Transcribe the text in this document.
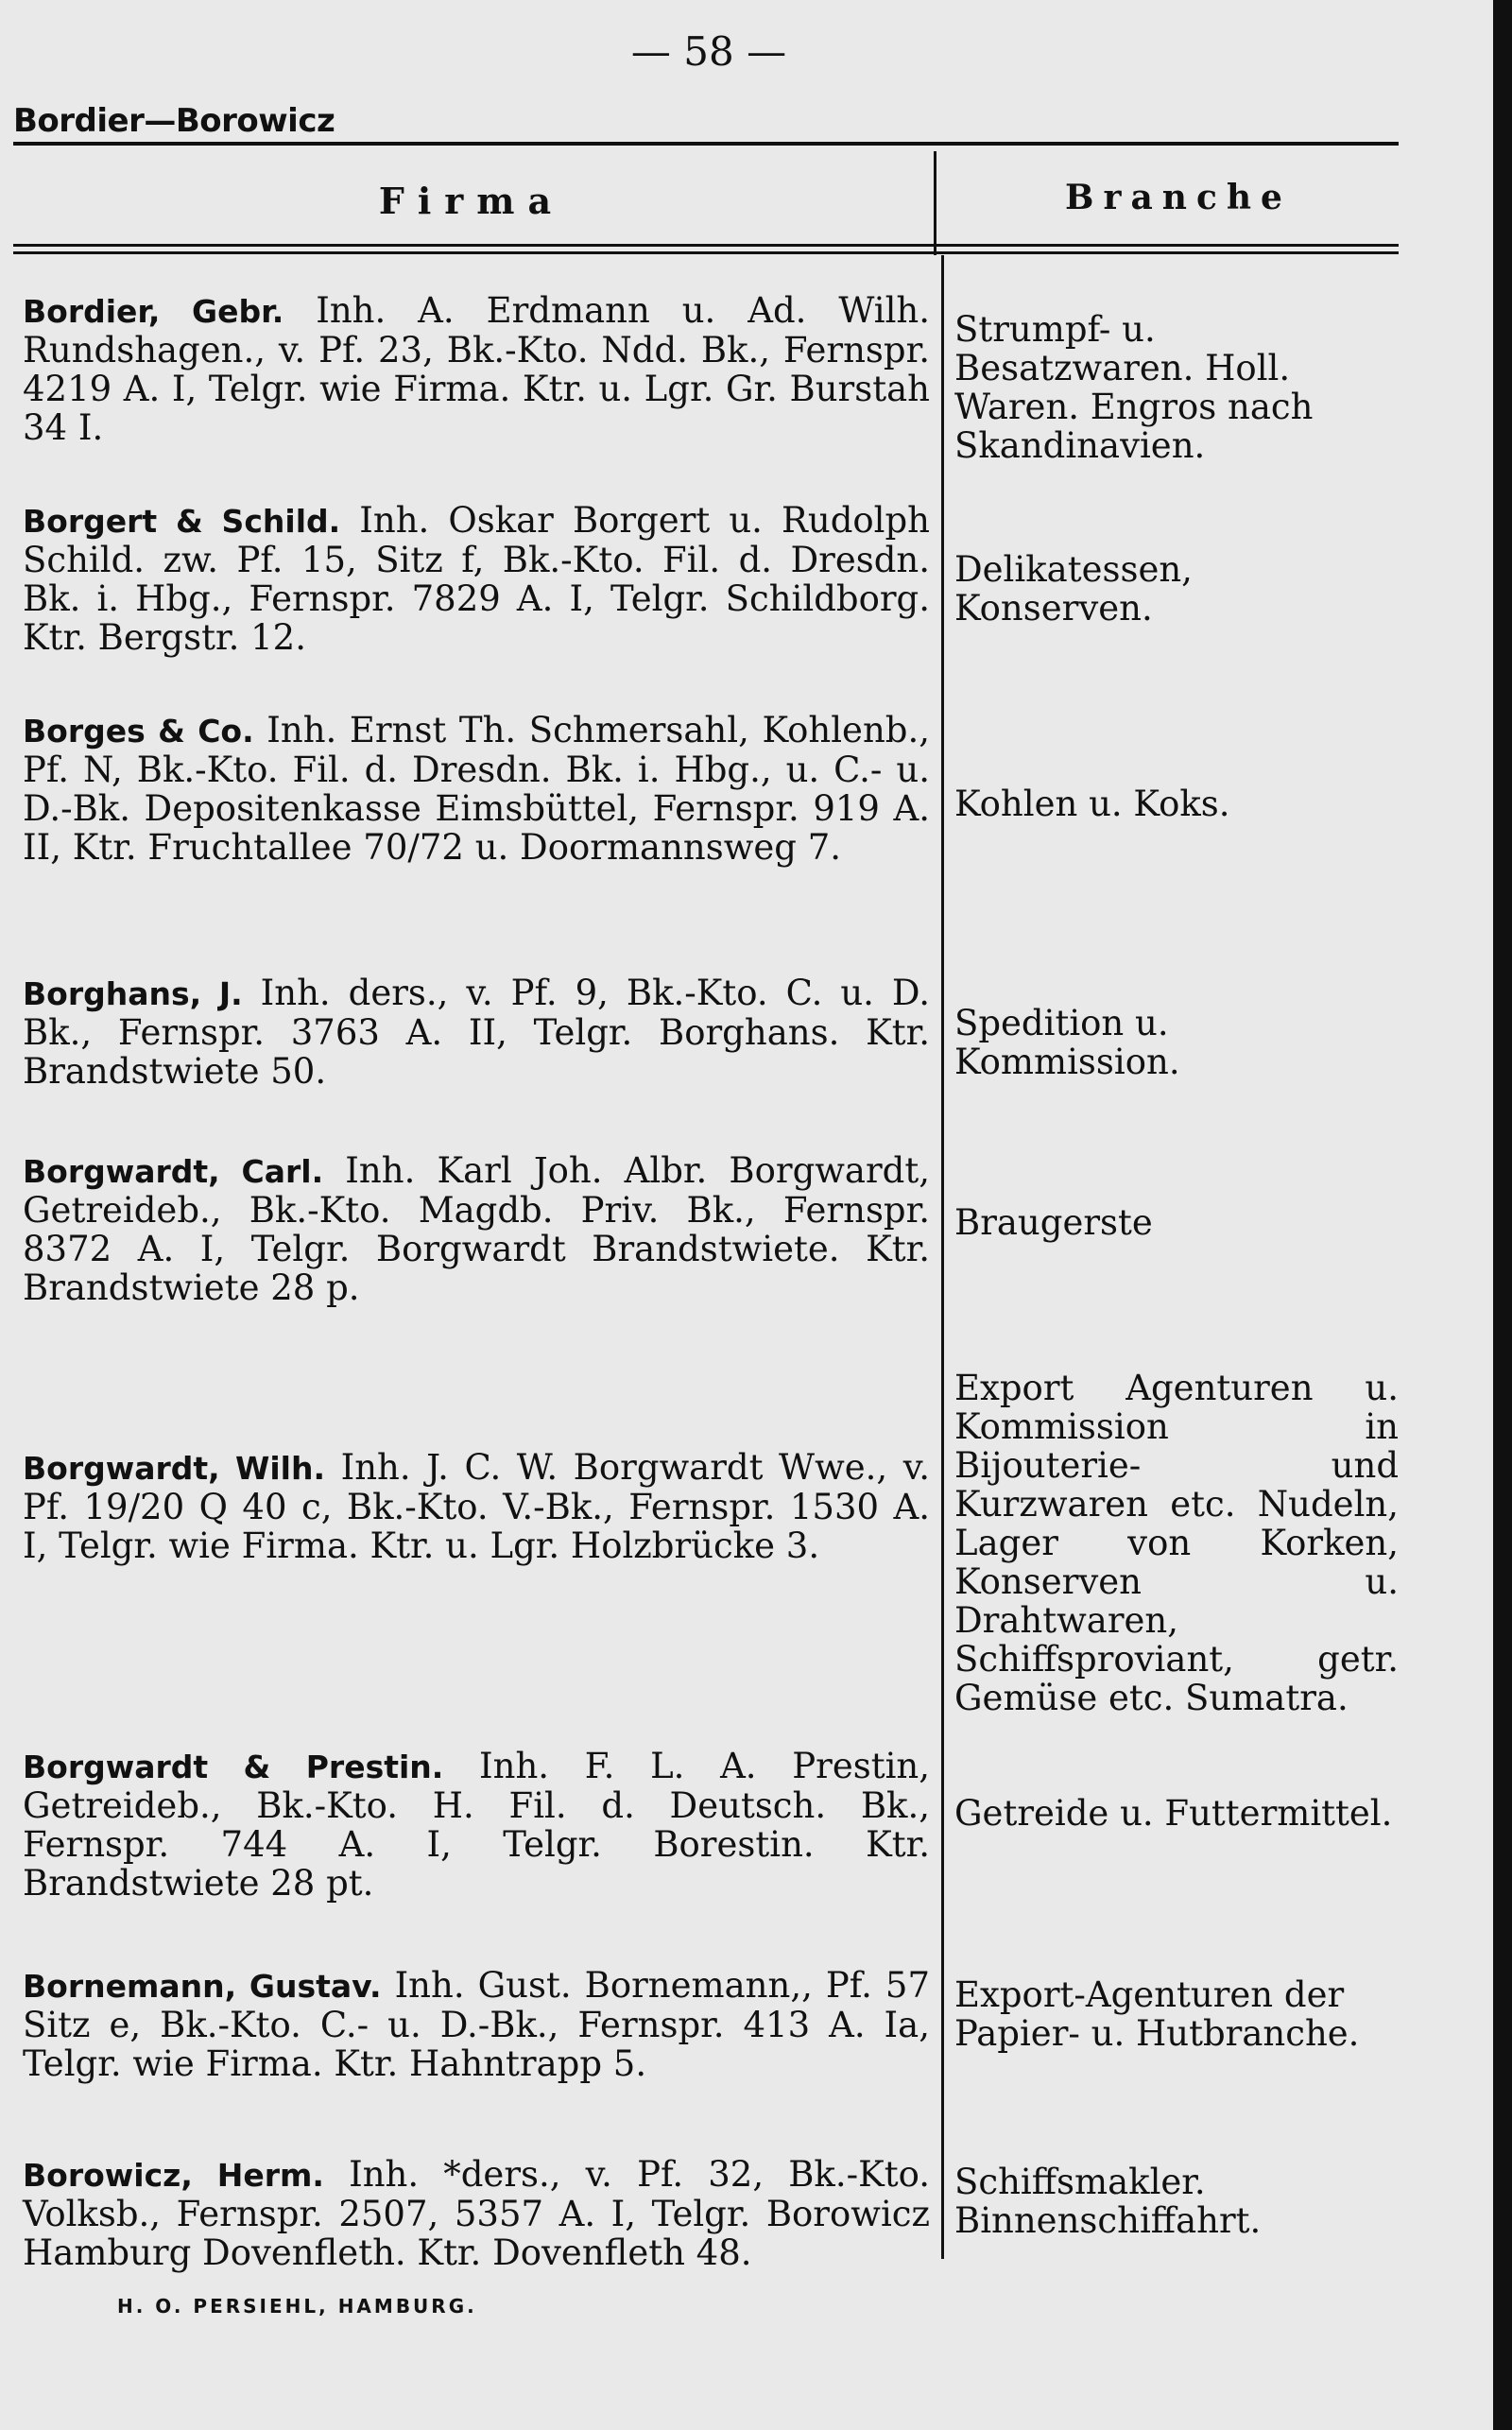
— 58 —
Bordier—Borowicz
Firma	Branche
Bordier, Gebr. Inh. A. Erdmann u. Ad. Wilh. Rundshagen., v. Pf. 23, Bk.-Kto. Ndd. Bk., Fernspr. 4219 A. I, Telgr. wie Firma. Ktr. u. Lgr. Gr. Burstah 34 I.
Strumpf- u. Besatzwaren. Holl. Waren. Engros nach Skandinavien.
Borgert & Schild. Inh. Oskar Borgert u. Rudolph Schild. zw. Pf. 15, Sitz f, Bk.-Kto. Fil. d. Dresdn. Bk. i. Hbg., Fernspr. 7829 A. I, Telgr. Schildborg. Ktr. Bergstr. 12.
Delikatessen, Konserven.
Borges & Co. Inh. Ernst Th. Schmersahl, Kohlenb., Pf. N, Bk.-Kto. Fil. d. Dresdn. Bk. i. Hbg., u. C.- u. D.-Bk. Depositenkasse Eimsbüttel, Fernspr. 919 A. II, Ktr. Fruchtallee 70/72 u. Doormannsweg 7.
Kohlen u. Koks.
Borghans, J. Inh. ders., v. Pf. 9, Bk.-Kto. C. u. D. Bk., Fernspr. 3763 A. II, Telgr. Borghans. Ktr. Brandstwiete 50.
Spedition u. Kommission.
Borgwardt, Carl. Inh. Karl Joh. Albr. Borgwardt, Getreideb., Bk.-Kto. Magdb. Priv. Bk., Fernspr. 8372 A. I, Telgr. Borgwardt Brandstwiete. Ktr. Brandstwiete 28 p.
Braugerste
Borgwardt, Wilh. Inh. J. C. W. Borgwardt Wwe., v. Pf. 19/20 Q 40 c, Bk.-Kto. V.-Bk., Fernspr. 1530 A. I, Telgr. wie Firma. Ktr. u. Lgr. Holzbrücke 3.
Export Agenturen u. Kommission in Bijouterie- und Kurzwaren etc. Nudeln, Lager von Korken, Konserven u. Drahtwaren, Schiffsproviant, getr. Gemüse etc. Sumatra.
Borgwardt & Prestin. Inh. F. L. A. Prestin, Getreideb., Bk.-Kto. H. Fil. d. Deutsch. Bk., Fernspr. 744 A. I, Telgr. Borestin. Ktr. Brandstwiete 28 pt.
Getreide u. Futtermittel.
Bornemann, Gustav. Inh. Gust. Bornemann,, Pf. 57 Sitz e, Bk.-Kto. C.- u. D.-Bk., Fernspr. 413 A. Ia, Telgr. wie Firma. Ktr. Hahntrapp 5.
Export-Agenturen der Papier- u. Hutbranche.
Borowicz, Herm. Inh. *ders., v. Pf. 32, Bk.-Kto. Volksb., Fernspr. 2507, 5357 A. I, Telgr. Borowicz Hamburg Dovenfleth. Ktr. Dovenfleth 48.
Schiffsmakler. Binnenschiffahrt.
H. O. PERSIEHL, HAMBURG.
